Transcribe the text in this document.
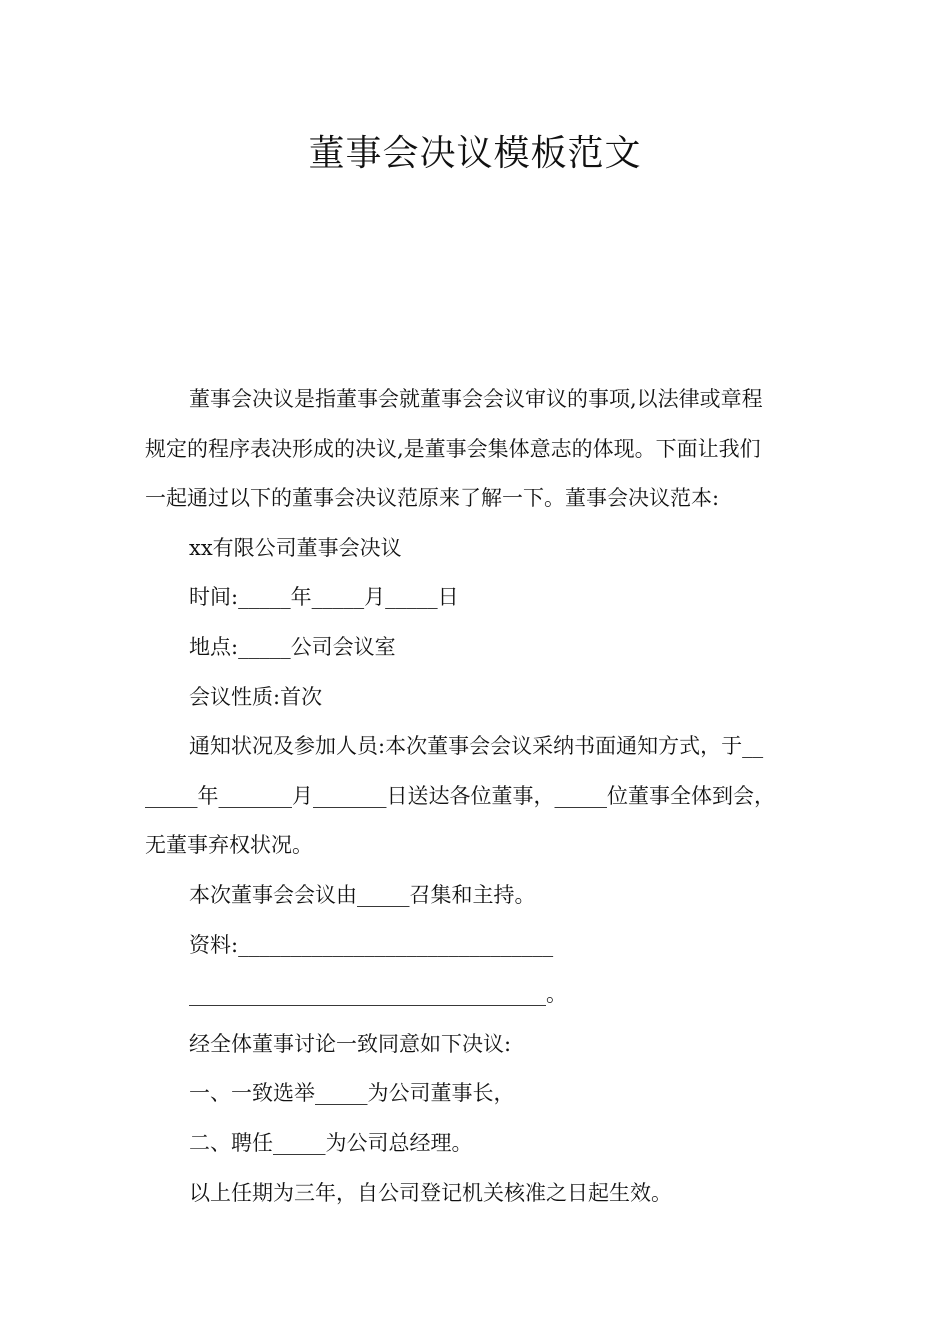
董事会决议模板范文

董事会决议是指董事会就董事会会议审议的事项,以法律或章程

规定的程序表决形成的决议,是董事会集体意志的体现。下面让我们

一起通过以下的董事会决议范原来了解一下。董事会决议范本:

xx有限公司董事会决议

时间:_____年_____月_____日

地点:_____公司会议室

会议性质:首次

通知状况及参加人员:本次董事会会议采纳书面通知方式，于__

_____年_______月_______日送达各位董事，_____位董事全体到会，

无董事弃权状况。

本次董事会会议由_____召集和主持。

资料:______________________________

__________________________________。

经全体董事讨论一致同意如下决议:

一、一致选举_____为公司董事长，

二、聘任_____为公司总经理。

以上任期为三年，自公司登记机关核准之日起生效。
